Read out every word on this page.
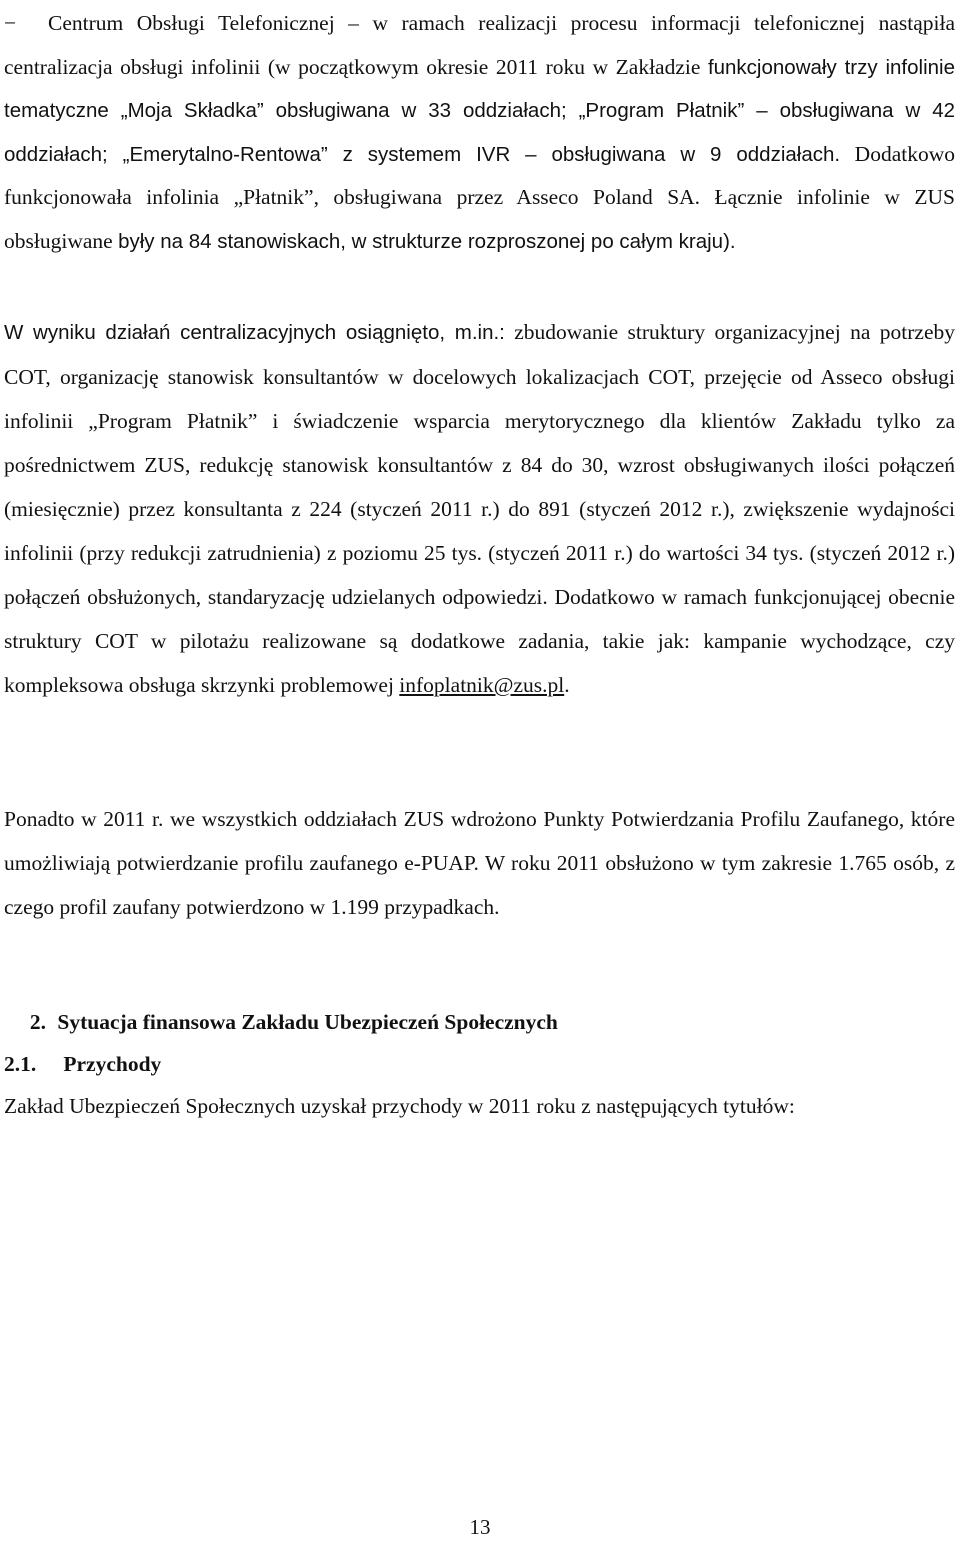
−	Centrum Obsługi Telefonicznej – w ramach realizacji procesu informacji telefonicznej nastąpiła centralizacja obsługi infolinii (w początkowym okresie 2011 roku w Zakładzie funkcjonowały trzy infolinie tematyczne „Moja Składka” obsługiwana w 33 oddziałach; „Program Płatnik” – obsługiwana w 42 oddziałach; „Emerytalno-Rentowa” z systemem IVR – obsługiwana w 9 oddziałach. Dodatkowo funkcjonowała infolinia „Płatnik”, obsługiwana przez Asseco Poland SA. Łącznie infolinie w ZUS obsługiwane były na 84 stanowiskach, w strukturze rozproszonej po całym kraju).

W wyniku działań centralizacyjnych osiągnięto, m.in.: zbudowanie struktury organizacyjnej na potrzeby COT, organizację stanowisk konsultantów w docelowych lokalizacjach COT, przejęcie od Asseco obsługi infolinii „Program Płatnik” i świadczenie wsparcia merytorycznego dla klientów Zakładu tylko za pośrednictwem ZUS, redukcję stanowisk konsultantów z 84 do 30, wzrost obsługiwanych ilości połączeń (miesięcznie) przez konsultanta z 224 (styczeń 2011 r.) do 891 (styczeń 2012 r.), zwiększenie wydajności infolinii (przy redukcji zatrudnienia) z poziomu 25 tys. (styczeń 2011 r.) do wartości 34 tys. (styczeń 2012 r.) połączeń obsłużonych, standaryzację udzielanych odpowiedzi. Dodatkowo w ramach funkcjonującej obecnie struktury COT w pilotażu realizowane są dodatkowe zadania, takie jak: kampanie wychodzące, czy kompleksowa obsługa skrzynki problemowej infoplatnik@zus.pl.

Ponadto w 2011 r. we wszystkich oddziałach ZUS wdrożono Punkty Potwierdzania Profilu Zaufanego, które umożliwiają potwierdzanie profilu zaufanego e-PUAP. W roku 2011 obsłużono w tym zakresie 1.765 osób, z czego profil zaufany potwierdzono w 1.199 przypadkach.

2. Sytuacja finansowa Zakładu Ubezpieczeń Społecznych
2.1. Przychody

Zakład Ubezpieczeń Społecznych uzyskał przychody w 2011 roku z następujących tytułów:

13
